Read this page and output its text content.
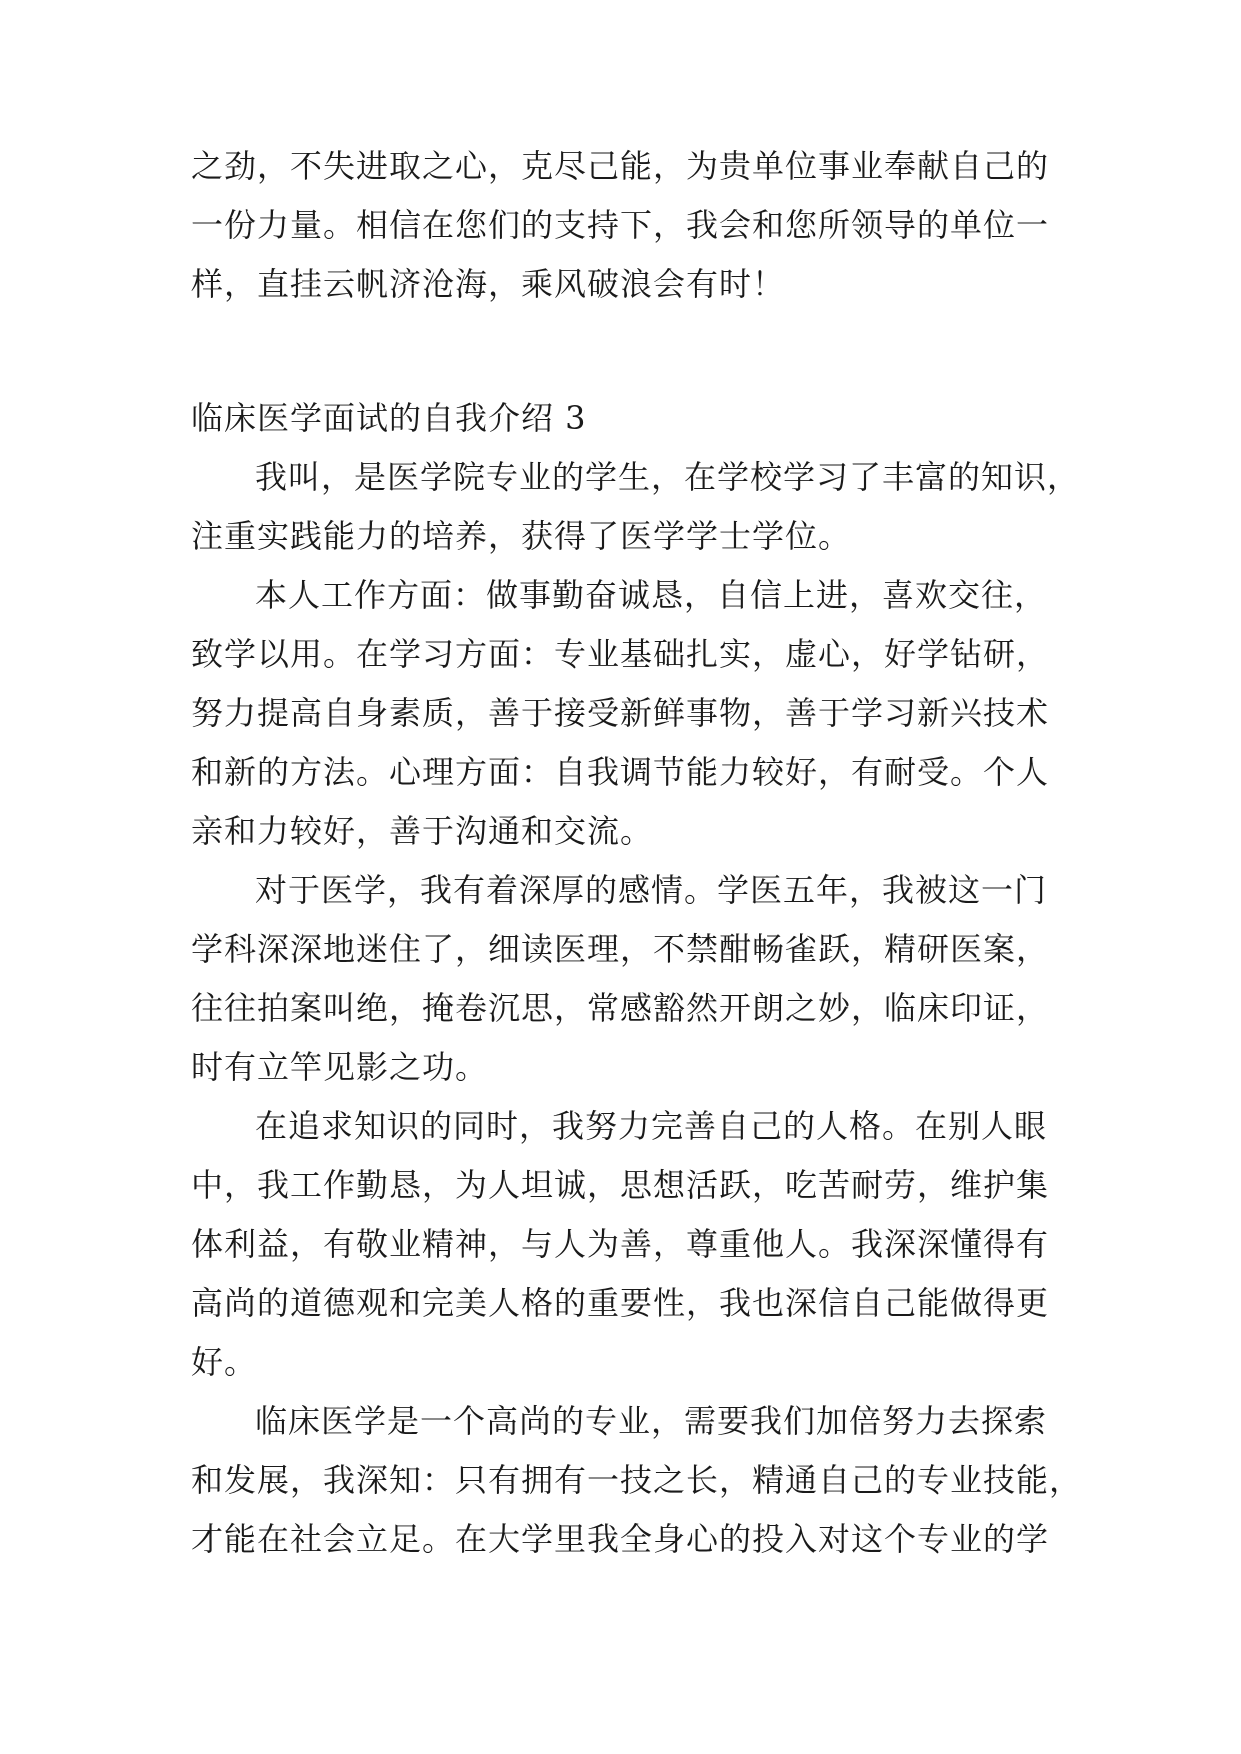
之劲，不失进取之心，克尽己能，为贵单位事业奉献自己的
一份力量。相信在您们的支持下，我会和您所领导的单位一
样，直挂云帆济沧海，乘风破浪会有时！
临床医学面试的自我介绍 3
我叫，是医学院专业的学生，在学校学习了丰富的知识，
注重实践能力的培养，获得了医学学士学位。
本人工作方面：做事勤奋诚恳，自信上进，喜欢交往，
致学以用。在学习方面：专业基础扎实，虚心，好学钻研，
努力提高自身素质，善于接受新鲜事物，善于学习新兴技术
和新的方法。心理方面：自我调节能力较好，有耐受。个人
亲和力较好，善于沟通和交流。
对于医学，我有着深厚的感情。学医五年，我被这一门
学科深深地迷住了，细读医理，不禁酣畅雀跃，精研医案，
往往拍案叫绝，掩卷沉思，常感豁然开朗之妙，临床印证，
时有立竿见影之功。
在追求知识的同时，我努力完善自己的人格。在别人眼
中，我工作勤恳，为人坦诚，思想活跃，吃苦耐劳，维护集
体利益，有敬业精神，与人为善，尊重他人。我深深懂得有
高尚的道德观和完美人格的重要性，我也深信自己能做得更
好。
临床医学是一个高尚的专业，需要我们加倍努力去探索
和发展，我深知：只有拥有一技之长，精通自己的专业技能，
才能在社会立足。在大学里我全身心的投入对这个专业的学
